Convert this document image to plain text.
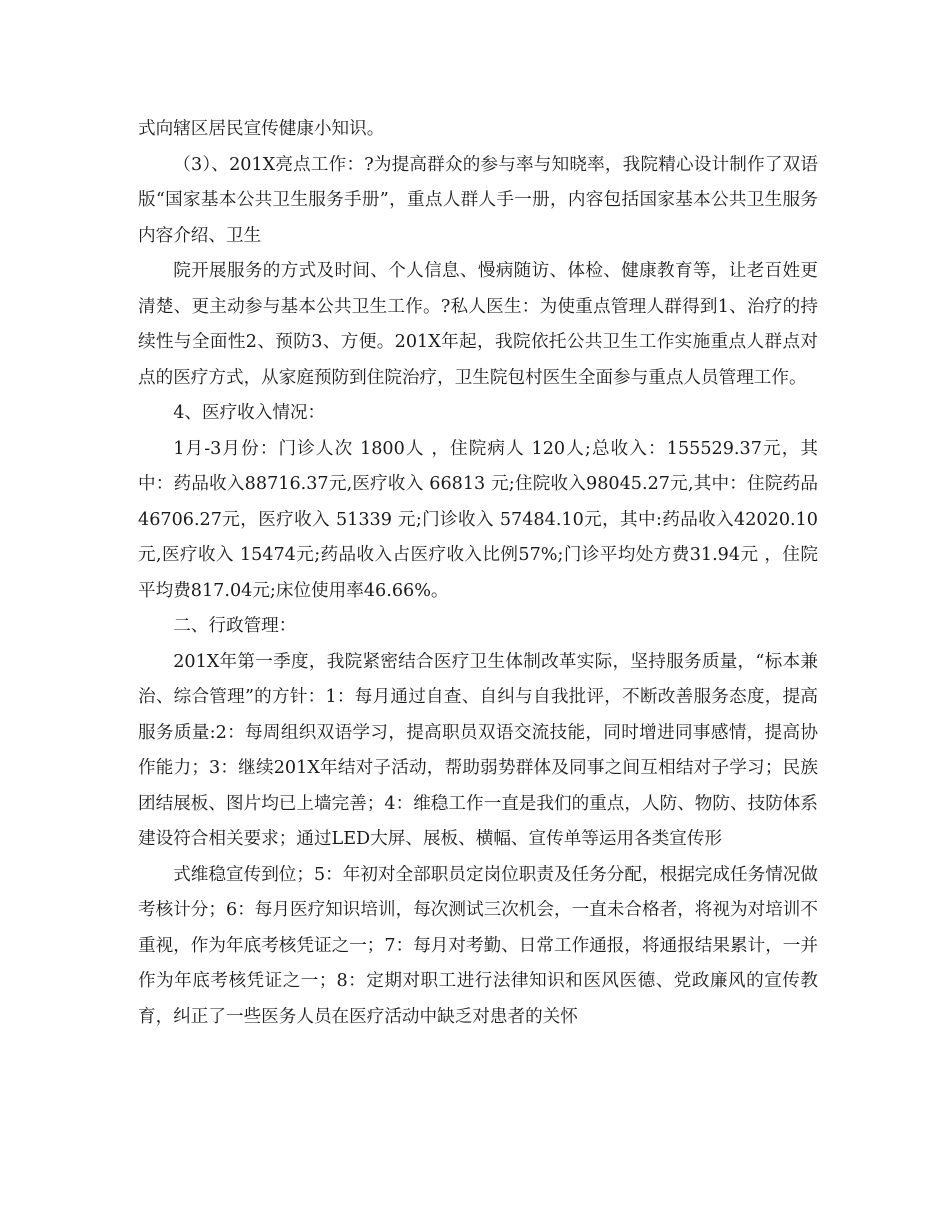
式向辖区居民宣传健康小知识。

（3）、201X亮点工作：?为提高群众的参与率与知晓率，我院精心设计制作了双语版“国家基本公共卫生服务手册”，重点人群人手一册，内容包括国家基本公共卫生服务内容介绍、卫生

院开展服务的方式及时间、个人信息、慢病随访、体检、健康教育等，让老百姓更清楚、更主动参与基本公共卫生工作。?私人医生：为使重点管理人群得到1、治疗的持续性与全面性2、预防3、方便。201X年起，我院依托公共卫生工作实施重点人群点对点的医疗方式，从家庭预防到住院治疗，卫生院包村医生全面参与重点人员管理工作。

4、医疗收入情况：

1月-3月份：门诊人次 1800人 ，住院病人 120人;总收入：155529.37元，其中：药品收入88716.37元,医疗收入 66813 元;住院收入98045.27元,其中：住院药品46706.27元，医疗收入 51339 元;门诊收入 57484.10元，其中:药品收入42020.10元,医疗收入 15474元;药品收入占医疗收入比例57%;门诊平均处方费31.94元 ，住院平均费817.04元;床位使用率46.66%。

二、行政管理：

201X年第一季度，我院紧密结合医疗卫生体制改革实际，坚持服务质量，“标本兼治、综合管理”的方针：1：每月通过自查、自纠与自我批评，不断改善服务态度，提高服务质量:2：每周组织双语学习，提高职员双语交流技能，同时增进同事感情，提高协作能力；3：继续201X年结对子活动，帮助弱势群体及同事之间互相结对子学习；民族团结展板、图片均已上墙完善；4：维稳工作一直是我们的重点，人防、物防、技防体系建设符合相关要求；通过LED大屏、展板、横幅、宣传单等运用各类宣传形

式维稳宣传到位；5：年初对全部职员定岗位职责及任务分配，根据完成任务情况做考核计分；6：每月医疗知识培训，每次测试三次机会，一直未合格者，将视为对培训不重视，作为年底考核凭证之一；7：每月对考勤、日常工作通报，将通报结果累计，一并作为年底考核凭证之一；8：定期对职工进行法律知识和医风医德、党政廉风的宣传教育，纠正了一些医务人员在医疗活动中缺乏对患者的关怀
